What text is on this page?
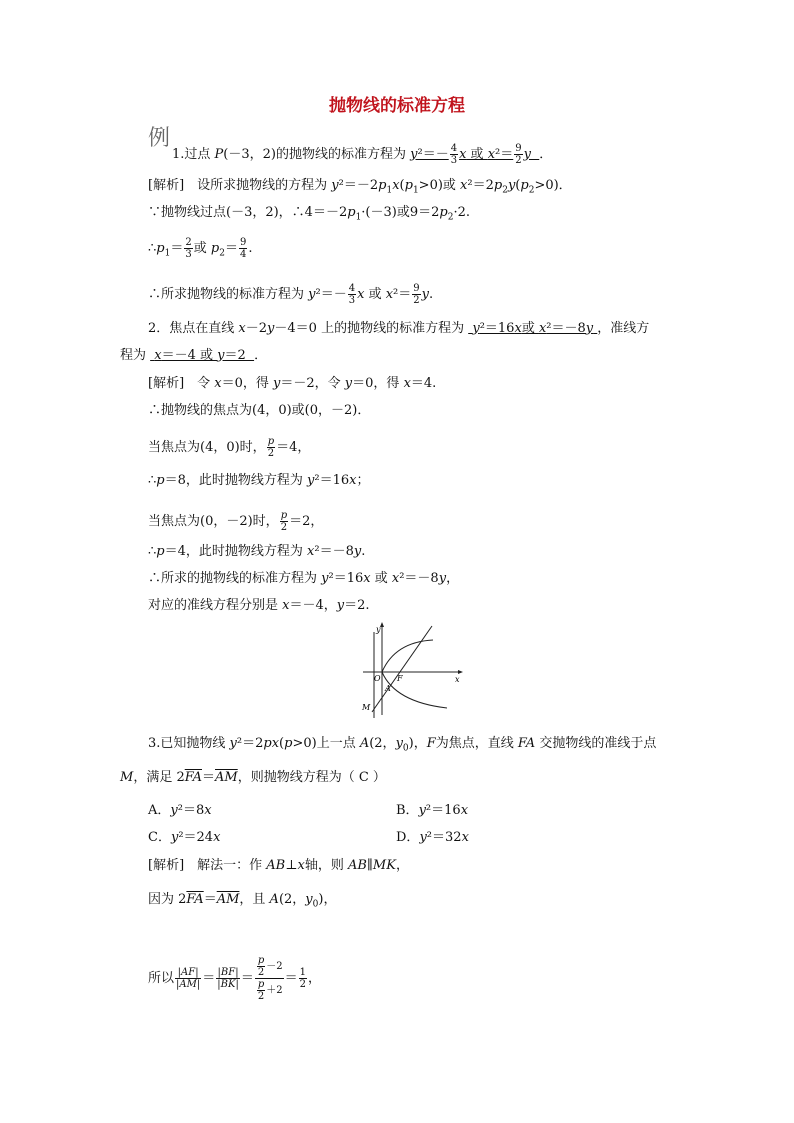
抛物线的标准方程
例
1.过点 P(－3，2)的抛物线的标准方程为 $y^2=- \frac{4}{3}$ x 或 $x^2= \frac{9}{2}$ y ．
[解析]　设所求抛物线的方程为 $y^2=-2p_1x(p_1>0)$或 $x^2=2p_2y(p_2>0)$．
∵抛物线过点(－3，2)，$\therefore 4=-2p_1\cdot(-3)$或$9=2p_2\cdot 2$.
$\therefore p_1= \frac{2}{3}$ 或 $p_2= \frac{9}{4}$ .
∴所求抛物线的标准方程为 $y^2=- \frac{4}{3}$ x 或 $x^2= \frac{9}{2} y$.
2．焦点在直线 x－2y－4＝0 上的抛物线的标准方程为  y²＝16x或 x²＝－8y ，准线方
程为  x＝－4 或 y＝2  ．
[解析]　令 x＝0，得 y＝－2，令 y＝0，得 x＝4.
∴抛物线的焦点为(4，0)或(0，－2)．
当焦点为(4，0)时， $\frac{p}{2} =4$，
∴p＝8，此时抛物线方程为 y²＝16x；
当焦点为(0，－2)时， $\frac{p}{2} =2$，
∴p＝4，此时抛物线方程为 x²＝－8y.
∴所求的抛物线的标准方程为 y²＝16x 或 x²＝－8y，
对应的准线方程分别是 x＝－4，y＝2.
y
x
O F
A
M
3.已知抛物线 y²＝2px(p>0)上一点 A(2，$y_0$)，F为焦点，直线 FA 交抛物线的准线于点
M，满足 $2\overline{FA}=\overline{AM}$，则抛物线方程为（ C ）
A．y²＝8x	B．y²＝16x
C．y²＝24x	D．y²＝32x
[解析]　解法一：作 AB⊥x轴，则 AB∥MK，
因为 $2\overline{FA}=\overline{AM}$，且 A(2，$y_0$)，
所以 $\frac{|AF|}{|AM|} = \frac{|BF|}{|BK|} = \frac{\frac{p}{2} -2}{\frac{p}{2} +2} = \frac{1}{2}$ ，
